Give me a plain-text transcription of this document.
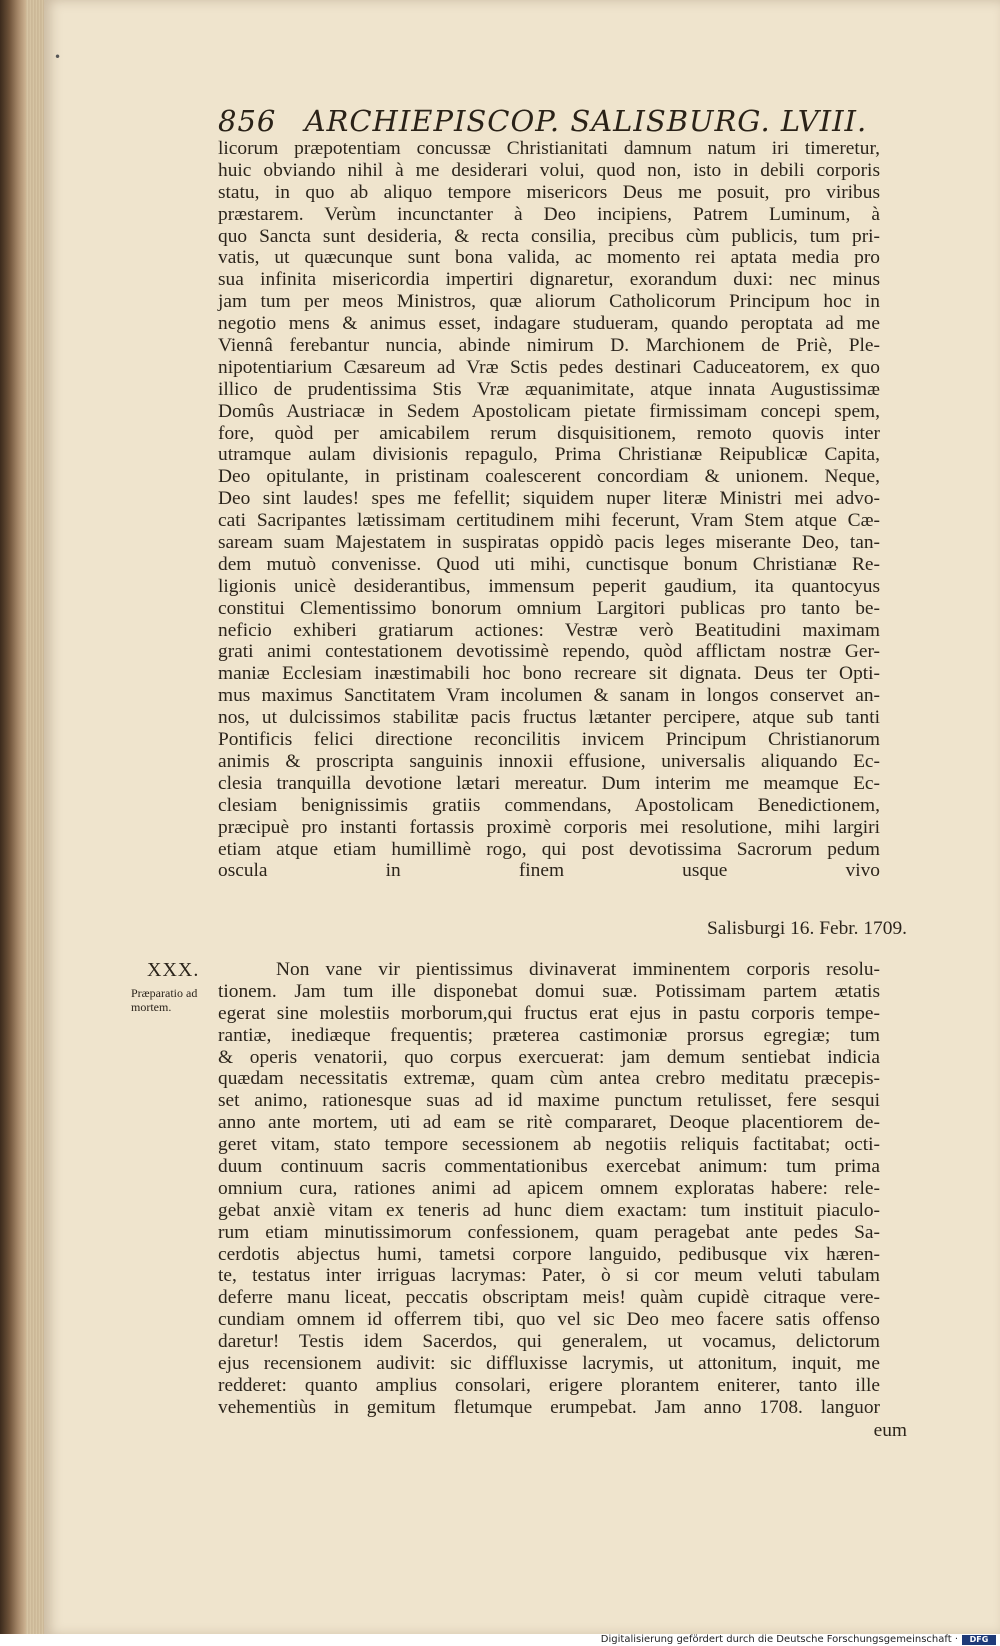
•
856 ARCHIEPISCOP. SALISBURG. LVIII.
licorum præpotentiam concussæ Christianitati damnum natum iri timeretur,
huic obviando nihil à me desiderari volui, quod non, isto in debili corporis
statu, in quo ab aliquo tempore misericors Deus me posuit, pro viribus
præstarem. Verùm incunctanter à Deo incipiens, Patrem Luminum, à
quo Sancta sunt desideria, & recta consilia, precibus cùm publicis, tum pri-
vatis, ut quæcunque sunt bona valida, ac momento rei aptata media pro
sua infinita misericordia impertiri dignaretur, exorandum duxi: nec minus
jam tum per meos Ministros, quæ aliorum Catholicorum Principum hoc in
negotio mens & animus esset, indagare studueram, quando peroptata ad me
Viennâ ferebantur nuncia, abinde nimirum D. Marchionem de Priè, Ple-
nipotentiarium Cæsareum ad Vræ Sctis pedes destinari Caduceatorem, ex quo
illico de prudentissima Stis Vræ æquanimitate, atque innata Augustissimæ
Domûs Austriacæ in Sedem Apostolicam pietate firmissimam concepi spem,
fore, quòd per amicabilem rerum disquisitionem, remoto quovis inter
utramque aulam divisionis repagulo, Prima Christianæ Reipublicæ Capita,
Deo opitulante, in pristinam coalescerent concordiam & unionem. Neque,
Deo sint laudes! spes me fefellit; siquidem nuper literæ Ministri mei advo-
cati Sacripantes lætissimam certitudinem mihi fecerunt, Vram Stem atque Cæ-
saream suam Majestatem in suspiratas oppidò pacis leges miserante Deo, tan-
dem mutuò convenisse. Quod uti mihi, cunctisque bonum Christianæ Re-
ligionis unicè desiderantibus, immensum peperit gaudium, ita quantocyus
constitui Clementissimo bonorum omnium Largitori publicas pro tanto be-
neficio exhiberi gratiarum actiones: Vestræ verò Beatitudini maximam
grati animi contestationem devotissimè rependo, quòd afflictam nostræ Ger-
maniæ Ecclesiam inæstimabili hoc bono recreare sit dignata. Deus ter Opti-
mus maximus Sanctitatem Vram incolumen & sanam in longos conservet an-
nos, ut dulcissimos stabilitæ pacis fructus lætanter percipere, atque sub tanti
Pontificis felici directione reconcilitis invicem Principum Christianorum
animis & proscripta sanguinis innoxii effusione, universalis aliquando Ec-
clesia tranquilla devotione lætari mereatur. Dum interim me meamque Ec-
clesiam benignissimis gratiis commendans, Apostolicam Benedictionem,
præcipuè pro instanti fortassis proximè corporis mei resolutione, mihi largiri
etiam atque etiam humillimè rogo, qui post devotissima Sacrorum pedum
oscula in finem usque vivo
Salisburgi 16. Febr. 1709.
XXX.
Præparatio ad
mortem.
Non vane vir pientissimus divinaverat imminentem corporis resolu-
tionem. Jam tum ille disponebat domui suæ. Potissimam partem ætatis
egerat sine molestiis morborum,qui fructus erat ejus in pastu corporis tempe-
rantiæ, inediæque frequentis; præterea castimoniæ prorsus egregiæ; tum
& operis venatorii, quo corpus exercuerat: jam demum sentiebat indicia
quædam necessitatis extremæ, quam cùm antea crebro meditatu præcepis-
set animo, rationesque suas ad id maxime punctum retulisset, fere sesqui
anno ante mortem, uti ad eam se ritè compararet, Deoque placentiorem de-
geret vitam, stato tempore secessionem ab negotiis reliquis factitabat; octi-
duum continuum sacris commentationibus exercebat animum: tum prima
omnium cura, rationes animi ad apicem omnem exploratas habere: rele-
gebat anxiè vitam ex teneris ad hunc diem exactam: tum instituit piaculo-
rum etiam minutissimorum confessionem, quam peragebat ante pedes Sa-
cerdotis abjectus humi, tametsi corpore languido, pedibusque vix hæren-
te, testatus inter irriguas lacrymas: Pater, ò si cor meum veluti tabulam
deferre manu liceat, peccatis obscriptam meis! quàm cupidè citraque vere-
cundiam omnem id offerrem tibi, quo vel sic Deo meo facere satis offenso
daretur! Testis idem Sacerdos, qui generalem, ut vocamus, delictorum
ejus recensionem audivit: sic diffluxisse lacrymis, ut attonitum, inquit, me
redderet: quanto amplius consolari, erigere plorantem eniterer, tanto ille
vehementiùs in gemitum fletumque erumpebat. Jam anno 1708. languor
eum
Digitalisierung gefördert durch die Deutsche Forschungsgemeinschaft ·	DFG
